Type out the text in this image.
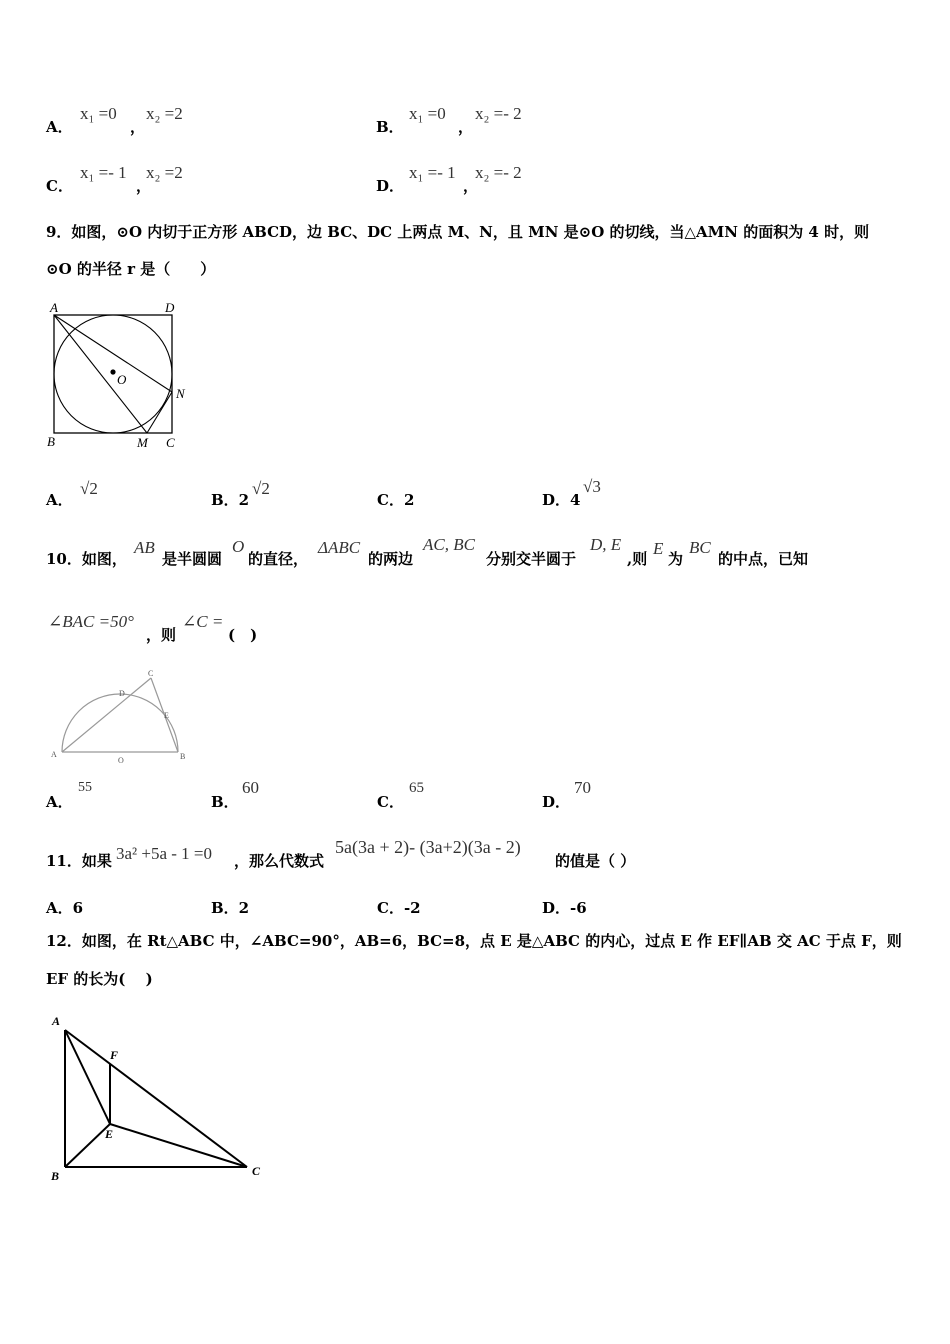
A．
x₁ =0
，
x₂ =2
B．
x₁ =0
，
x₂ =- 2
C．
x₁ =- 1
，
x₂ =2
D．
x₁ =- 1
，
x₂ =- 2
9．如图，⊙O 内切于正方形 ABCD，边 BC、DC 上两点 M、N，且 MN 是⊙O 的切线，当△AMN 的面积为 4 时，则
⊙O 的半径 r 是（　　）
A	D
O
N
B	M C
A．
√2
B．2
√2
C．2	D．4
√3
10．如图，
AB
是半圆圆
O
的直径，
ΔABC
的两边
AC, BC
分别交半圆于
D, E
,则
E
为
BC
的中点，已知
∠BAC =50°
，则
∠C =
(　)
A	B
C
D
E
O
A．
55
B．
60
C．
65
D．
70
11．如果 3a² +5a - 1 =0 ，那么代数式
5a(3a + 2)- (3a+2)(3a - 2)
的值是（ ）
A．6	B．2	C．-2	D．-6
12．如图，在 Rt△ABC 中，∠ABC=90°，AB=6，BC=8，点 E 是△ABC 的内心，过点 E 作 EF∥AB 交 AC 于点 F，则
EF 的长为(　 )
A
B	C
E
F
